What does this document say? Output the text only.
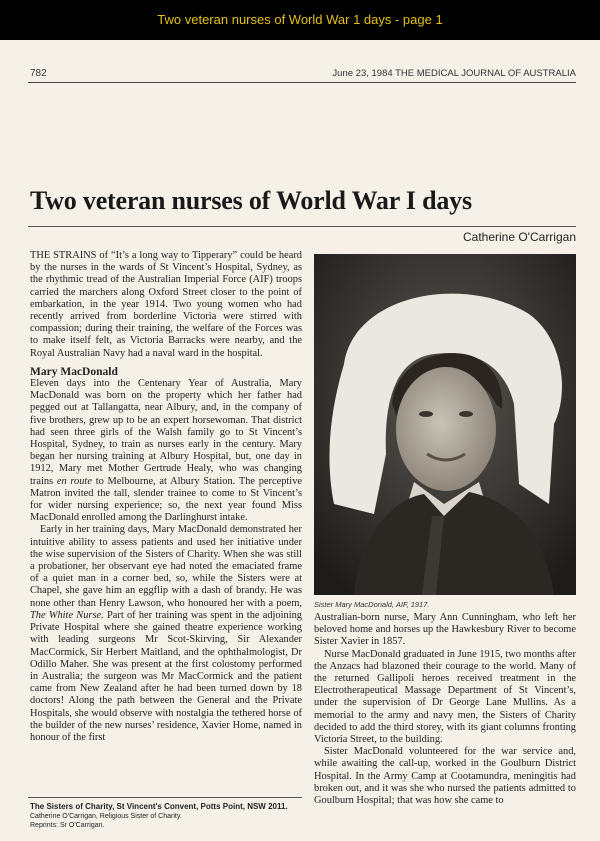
Two veteran nurses of World War 1 days - page 1
782	June 23, 1984 THE MEDICAL JOURNAL OF AUSTRALIA
Two veteran nurses of World War I days
Catherine O'Carrigan

THE STRAINS of “It’s a long way to Tipperary” could be heard by the nurses in the wards of St Vincent’s Hospital, Sydney, as the rhythmic tread of the Australian Imperial Force (AIF) troops carried the marchers along Oxford Street closer to the point of embarkation, in the year 1914. Two young women who had recently arrived from borderline Victoria were stirred with compassion; during their training, the welfare of the Forces was to make itself felt, as Victoria Barracks were nearby, and the Royal Australian Navy had a naval ward in the hospital.

Mary MacDonald

Eleven days into the Centenary Year of Australia, Mary MacDonald was born on the property which her father had pegged out at Tallangatta, near Albury, and, in the company of five brothers, grew up to be an expert horsewoman. That district had seen three girls of the Walsh family go to St Vincent’s Hospital, Sydney, to train as nurses early in the century. Mary began her nursing training at Albury Hospital, but, one day in 1912, Mary met Mother Gertrude Healy, who was changing trains en route to Melbourne, at Albury Station. The perceptive Matron invited the tall, slender trainee to come to St Vincent’s for wider nursing experience; so, the next year found Miss MacDonald enrolled among the Darlinghurst intake.

Early in her training days, Mary MacDonald demonstrated her intuitive ability to assess patients and used her initiative under the wise supervision of the Sisters of Charity. When she was still a probationer, her observant eye had noted the emaciated frame of a quiet man in a corner bed, so, while the Sisters were at Chapel, she gave him an eggflip with a dash of brandy. He was none other than Henry Lawson, who honoured her with a poem, The White Nurse. Part of her training was spent in the adjoining Private Hospital where she gained theatre experience working with leading surgeons Mr Scot-Skirving, Sir Alexander MacCormick, Sir Herbert Maitland, and the ophthalmologist, Dr Odillo Maher. She was present at the first colostomy performed in Australia; the surgeon was Mr MacCormick and the patient came from New Zealand after he had been turned down by 18 doctors! Along the path between the General and the Private Hospitals, she would observe with nostalgia the tethered horse of the builder of the new nurses’ residence, Xavier Home, named in honour of the first

Sister Mary MacDonald, AIF, 1917.

Australian-born nurse, Mary Ann Cunningham, who left her beloved home and horses up the Hawkesbury River to become Sister Xavier in 1857.

Nurse MacDonald graduated in June 1915, two months after the Anzacs had blazoned their courage to the world. Many of the returned Gallipoli heroes received treatment in the Electrotherapeutical Massage Department of St Vincent’s, under the supervision of Dr George Lane Mullins. As a memorial to the army and navy men, the Sisters of Charity decided to add the third storey, with its giant columns fronting Victoria Street, to the building.

Sister MacDonald volunteered for the war service and, while awaiting the call-up, worked in the Goulburn District Hospital. In the Army Camp at Cootamundra, meningitis had broken out, and it was she who nursed the patients admitted to Goulburn Hospital; that was how she came to

The Sisters of Charity, St Vincent's Convent, Potts Point, NSW 2011.
Catherine O'Carrigan, Religious Sister of Charity.
Reprints: Sr O'Carrigan.
